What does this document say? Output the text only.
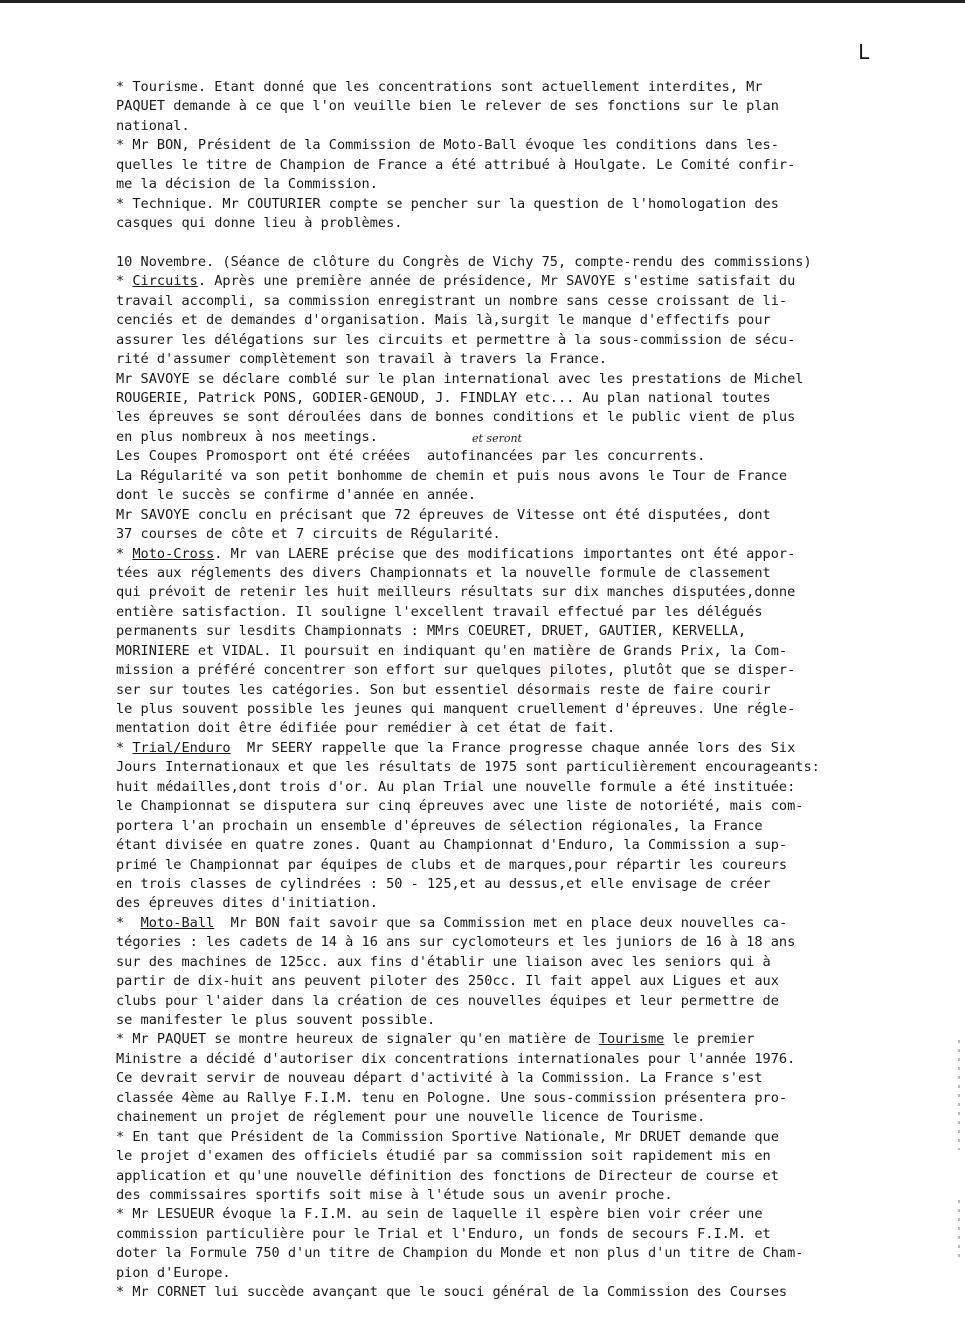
L
* Tourisme. Etant donné que les concentrations sont actuellement interdites, Mr
PAQUET demande à ce que l'on veuille bien le relever de ses fonctions sur le plan
national.
* Mr BON, Président de la Commission de Moto-Ball évoque les conditions dans les-
quelles le titre de Champion de France a été attribué à Houlgate. Le Comité confir-
me la décision de la Commission.
* Technique. Mr COUTURIER compte se pencher sur la question de l'homologation des
casques qui donne lieu à problèmes.
10 Novembre. (Séance de clôture du Congrès de Vichy 75, compte-rendu des commissions)
* Circuits. Après une première année de présidence, Mr SAVOYE s'estime satisfait du
travail accompli, sa commission enregistrant un nombre sans cesse croissant de li-
cenciés et de demandes d'organisation. Mais là,surgit le manque d'effectifs pour
assurer les délégations sur les circuits et permettre à la sous-commission de sécu-
rité d'assumer complètement son travail à travers la France.
Mr SAVOYE se déclare comblé sur le plan international avec les prestations de Michel
ROUGERIE, Patrick PONS, GODIER-GENOUD, J. FINDLAY etc... Au plan national toutes
les épreuves se sont déroulées dans de bonnes conditions et le public vient de plus
en plus nombreux à nos meetings.
Les Coupes Promosport ont été créées  autofinancées par les concurrents.
La Régularité va son petit bonhomme de chemin et puis nous avons le Tour de France
dont le succès se confirme d'année en année.
Mr SAVOYE conclu en précisant que 72 épreuves de Vitesse ont été disputées, dont
37 courses de côte et 7 circuits de Régularité.
* Moto-Cross. Mr van LAERE précise que des modifications importantes ont été appor-
tées aux réglements des divers Championnats et la nouvelle formule de classement
qui prévoit de retenir les huit meilleurs résultats sur dix manches disputées,donne
entière satisfaction. Il souligne l'excellent travail effectué par les délégués
permanents sur lesdits Championnats : MMrs COEURET, DRUET, GAUTIER, KERVELLA,
MORINIERE et VIDAL. Il poursuit en indiquant qu'en matière de Grands Prix, la Com-
mission a préféré concentrer son effort sur quelques pilotes, plutôt que se disper-
ser sur toutes les catégories. Son but essentiel désormais reste de faire courir
le plus souvent possible les jeunes qui manquent cruellement d'épreuves. Une régle-
mentation doit être édifiée pour remédier à cet état de fait.
* Trial/Enduro  Mr SEERY rappelle que la France progresse chaque année lors des Six
Jours Internationaux et que les résultats de 1975 sont particulièrement encourageants:
huit médailles,dont trois d'or. Au plan Trial une nouvelle formule a été instituée:
le Championnat se disputera sur cinq épreuves avec une liste de notoriété, mais com-
portera l'an prochain un ensemble d'épreuves de sélection régionales, la France
étant divisée en quatre zones. Quant au Championnat d'Enduro, la Commission a sup-
primé le Championnat par équipes de clubs et de marques,pour répartir les coureurs
en trois classes de cylindrées : 50 - 125,et au dessus,et elle envisage de créer
des épreuves dites d'initiation.
*  Moto-Ball  Mr BON fait savoir que sa Commission met en place deux nouvelles ca-
tégories : les cadets de 14 à 16 ans sur cyclomoteurs et les juniors de 16 à 18 ans
sur des machines de 125cc. aux fins d'établir une liaison avec les seniors qui à
partir de dix-huit ans peuvent piloter des 250cc. Il fait appel aux Ligues et aux
clubs pour l'aider dans la création de ces nouvelles équipes et leur permettre de
se manifester le plus souvent possible.
* Mr PAQUET se montre heureux de signaler qu'en matière de Tourisme le premier
Ministre a décidé d'autoriser dix concentrations internationales pour l'année 1976.
Ce devrait servir de nouveau départ d'activité à la Commission. La France s'est
classée 4ème au Rallye F.I.M. tenu en Pologne. Une sous-commission présentera pro-
chainement un projet de réglement pour une nouvelle licence de Tourisme.
* En tant que Président de la Commission Sportive Nationale, Mr DRUET demande que
le projet d'examen des officiels étudié par sa commission soit rapidement mis en
application et qu'une nouvelle définition des fonctions de Directeur de course et
des commissaires sportifs soit mise à l'étude sous un avenir proche.
* Mr LESUEUR évoque la F.I.M. au sein de laquelle il espère bien voir créer une
commission particulière pour le Trial et l'Enduro, un fonds de secours F.I.M. et
doter la Formule 750 d'un titre de Champion du Monde et non plus d'un titre de Cham-
pion d'Europe.
* Mr CORNET lui succède avançant que le souci général de la Commission des Courses
et seront
